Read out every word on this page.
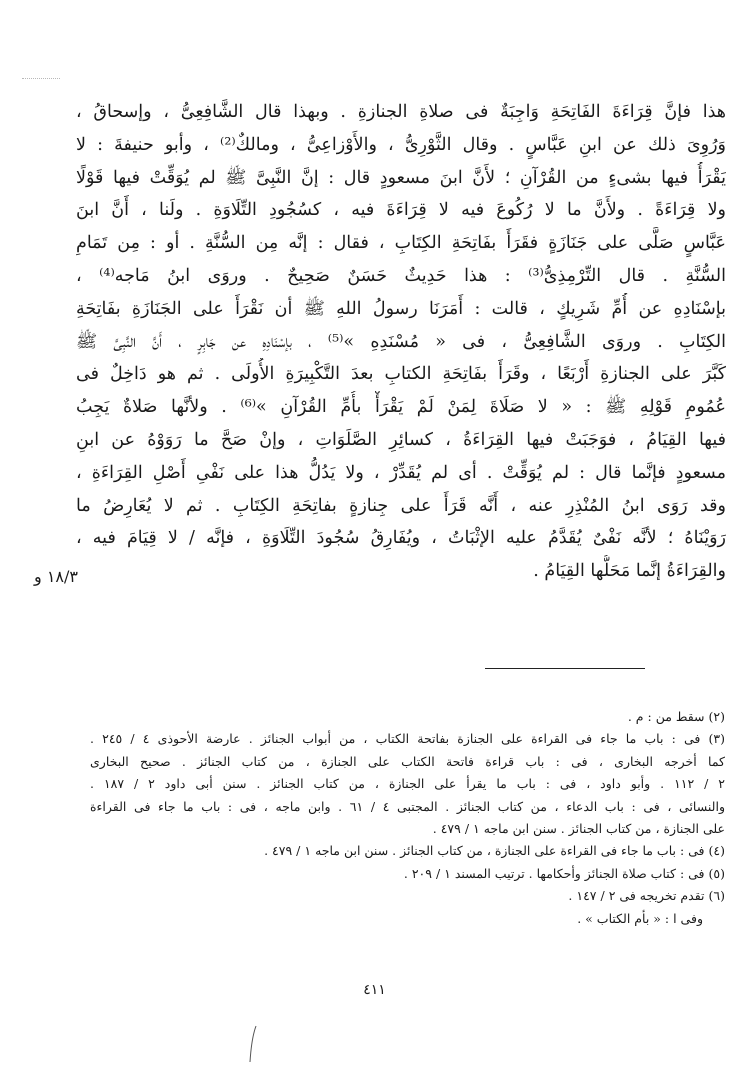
هذا فإنَّ قِرَاءَةَ الفَاتِحَةِ وَاجِبَةٌ فى صلاةِ الجنازةِ . وبهذا قال الشَّافِعِىُّ ، وإسحاقُ ،
وَرُوِىَ ذلك عن ابنِ عَبَّاسٍ . وقال الثَّوْرِىُّ ، والأَوْزاعِىُّ ، ومالكٌ⁽²⁾ ، وأبو حنيفةَ : لا
يَقْرَأُ فيها بشىءٍ من القُرْآنِ ؛ لأَنَّ ابنَ مسعودٍ قال : إنَّ النَّبِىَّ ﷺ لم يُوَقِّتْ فيها قَوْلًا
ولا قِرَاءَةً . ولأَنَّ ما لا رُكُوعَ فيه لا قِرَاءَةَ فيه ، كسُجُودِ التِّلَاوَةِ . ولَنا ، أَنَّ ابنَ
عَبَّاسٍ صَلَّى على جَنَازَةٍ فقَرَأَ بفَاتِحَةِ الكِتَابِ ، فقال : إنَّه مِن السُّنَّةِ . أو : مِن تَمَامِ
السُّنَّةِ . قال التِّرْمِذِىُّ⁽³⁾ : هذا حَدِيثٌ حَسَنٌ صَحِيحٌ . وروَى ابنُ مَاجه⁽⁴⁾ ،
بإسْنَادِهِ عن أُمِّ شَرِيكٍ ، قالت : أَمَرَنَا رسولُ اللهِ ﷺ أن نَقْرَأَ على الجَنَازَةِ بفَاتِحَةِ
الكِتَابِ . وروَى الشَّافِعِىُّ ، فى « مُسْنَدِهِ »⁽⁵⁾ ، بإسْنَادِهِ عن جَابِرٍ ، أَنَّ النَّبِىَّ ﷺ
كَبَّرَ على الجنازةِ أَرْبَعًا ، وقَرَأَ بفَاتِحَةِ الكتابِ بعدَ التَّكْبِيرَةِ الأُولَى . ثم هو دَاخِلٌ فى
عُمُومِ قَوْلِهِ ﷺ : « لا صَلَاةَ لِمَنْ لَمْ يَقْرَأْ بأُمِّ القُرْآنِ »⁽⁶⁾ . ولأنَّها صَلاةٌ يَجِبُ
فيها القِيَامُ ، فوَجَبَتْ فيها القِرَاءَةُ ، كسائِرِ الصَّلَوَاتِ ، وإنْ صَحَّ ما رَوَوْهُ عن ابنِ
مسعودٍ فإنَّما قال : لم يُوَقِّتْ . أى لم يُقَدِّرْ ، ولا يَدُلُّ هذا على نَفْىِ أَصْلِ القِرَاءَةِ ،
وقد رَوَى ابنُ المُنْذِرِ عنه ، أَنَّه قَرَأَ على جِنازةٍ بفاتِحَةِ الكِتَابِ . ثم لا يُعَارِضُ ما
رَوَيْنَاهُ ؛ لأنَّه نَفْىٌ يُقَدَّمُ عليه الإثْبَاتُ ، ويُفَارِقُ سُجُودَ التِّلَاوَةِ ، فإنَّه / لا قِيَامَ فيه ،
والقِرَاءَةُ إنَّما مَحَلُّها القِيَامُ .
١٨/٣ و
(٢) سقط من : م .
(٣) فى : باب ما جاء فى القراءة على الجنازة بفاتحة الكتاب ، من أبواب الجنائز . عارضة الأحوذى ٤ / ٢٤٥ .
كما أخرجه البخارى ، فى : باب قراءة فاتحة الكتاب على الجنازة ، من كتاب الجنائز . صحيح البخارى
٢ / ١١٢ . وأبو داود ، فى : باب ما يقرأ على الجنازة ، من كتاب الجنائز . سنن أبى داود ٢ / ١٨٧ .
والنسائى ، فى : باب الدعاء ، من كتاب الجنائز . المجتبى ٤ / ٦١ . وابن ماجه ، فى : باب ما جاء فى القراءة
على الجنازة ، من كتاب الجنائز . سنن ابن ماجه ١ / ٤٧٩ .
(٤) فى : باب ما جاء فى القراءة على الجنازة ، من كتاب الجنائز . سنن ابن ماجه ١ / ٤٧٩ .
(٥) فى : كتاب صلاة الجنائز وأحكامها . ترتيب المسند ١ / ٢٠٩ .
(٦) تقدم تخريجه فى ٢ / ١٤٧ .
وفى ا : « بأم الكتاب » .
٤١١
